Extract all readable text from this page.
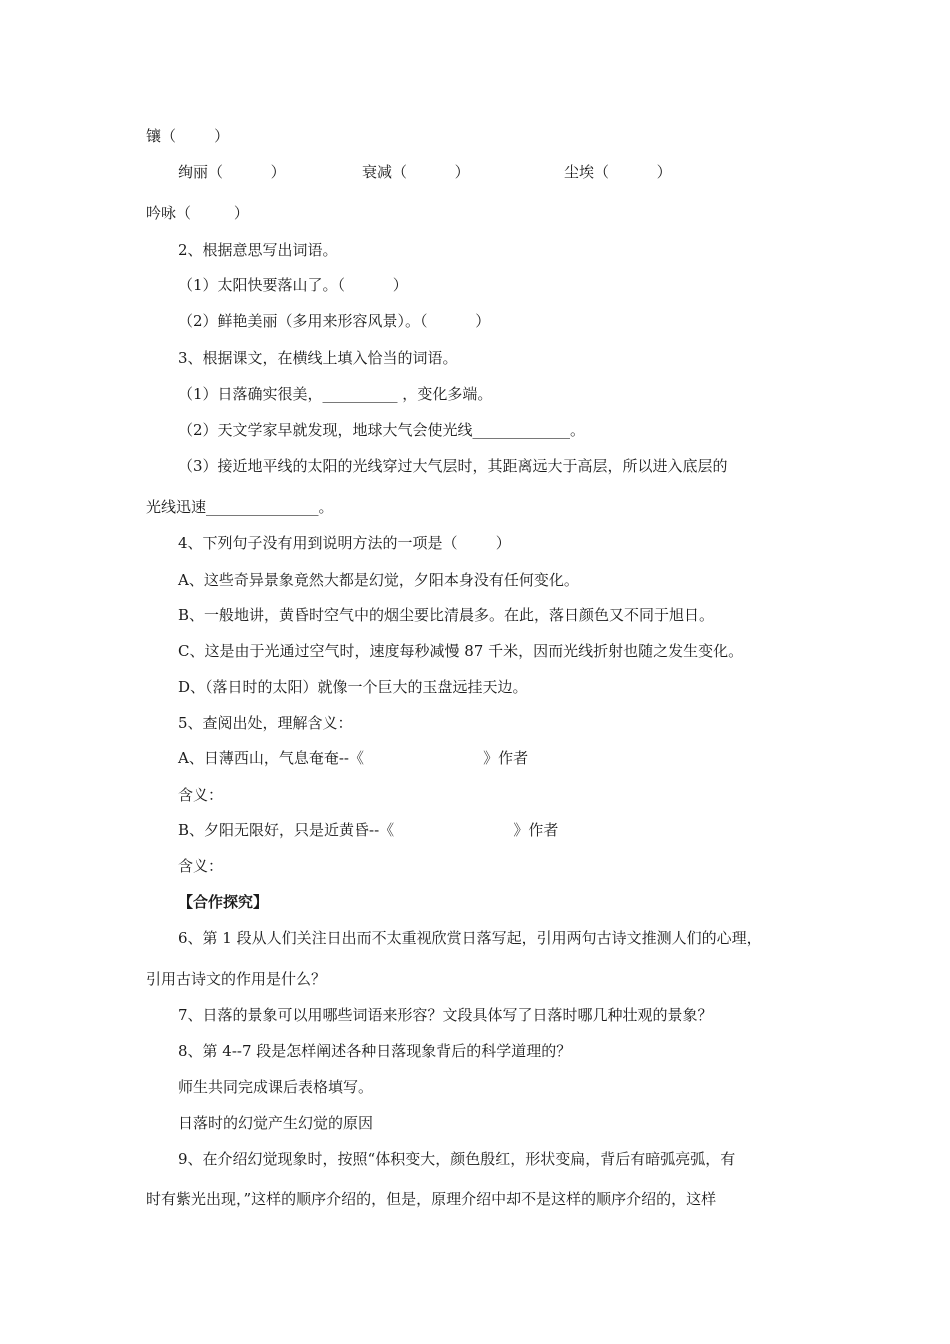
镶（        ）
绚丽（          ）	衰减（          ）	尘埃（          ）
吟咏（         ）
2、根据意思写出词语。
（1）太阳快要落山了。（          ）
（2）鲜艳美丽（多用来形容风景）。（          ）
3、根据课文，在横线上填入恰当的词语。
（1）日落确实很美，__________ ，变化多端。
（2）天文学家早就发现，地球大气会使光线_____________。
（3）接近地平线的太阳的光线穿过大气层时，其距离远大于高层，所以进入底层的
光线迅速_______________。
4、下列句子没有用到说明方法的一项是（        ）
A、这些奇异景象竟然大都是幻觉，夕阳本身没有任何变化。
B、一般地讲，黄昏时空气中的烟尘要比清晨多。在此，落日颜色又不同于旭日。
C、这是由于光通过空气时，速度每秒减慢 87 千米，因而光线折射也随之发生变化。
D、（落日时的太阳）就像一个巨大的玉盘远挂天边。
5、查阅出处，理解含义：
A、日薄西山，气息奄奄--《                         》作者
含义：
B、夕阳无限好，只是近黄昏--《                         》作者
含义：
【合作探究】
6、第 1 段从人们关注日出而不太重视欣赏日落写起，引用两句古诗文推测人们的心理，
引用古诗文的作用是什么？
7、日落的景象可以用哪些词语来形容？文段具体写了日落时哪几种壮观的景象？
8、第 4--7 段是怎样阐述各种日落现象背后的科学道理的？
师生共同完成课后表格填写。
日落时的幻觉产生幻觉的原因
9、在介绍幻觉现象时，按照“体积变大，颜色殷红，形状变扁，背后有暗弧亮弧，有
时有紫光出现，”这样的顺序介绍的，但是，原理介绍中却不是这样的顺序介绍的，这样
